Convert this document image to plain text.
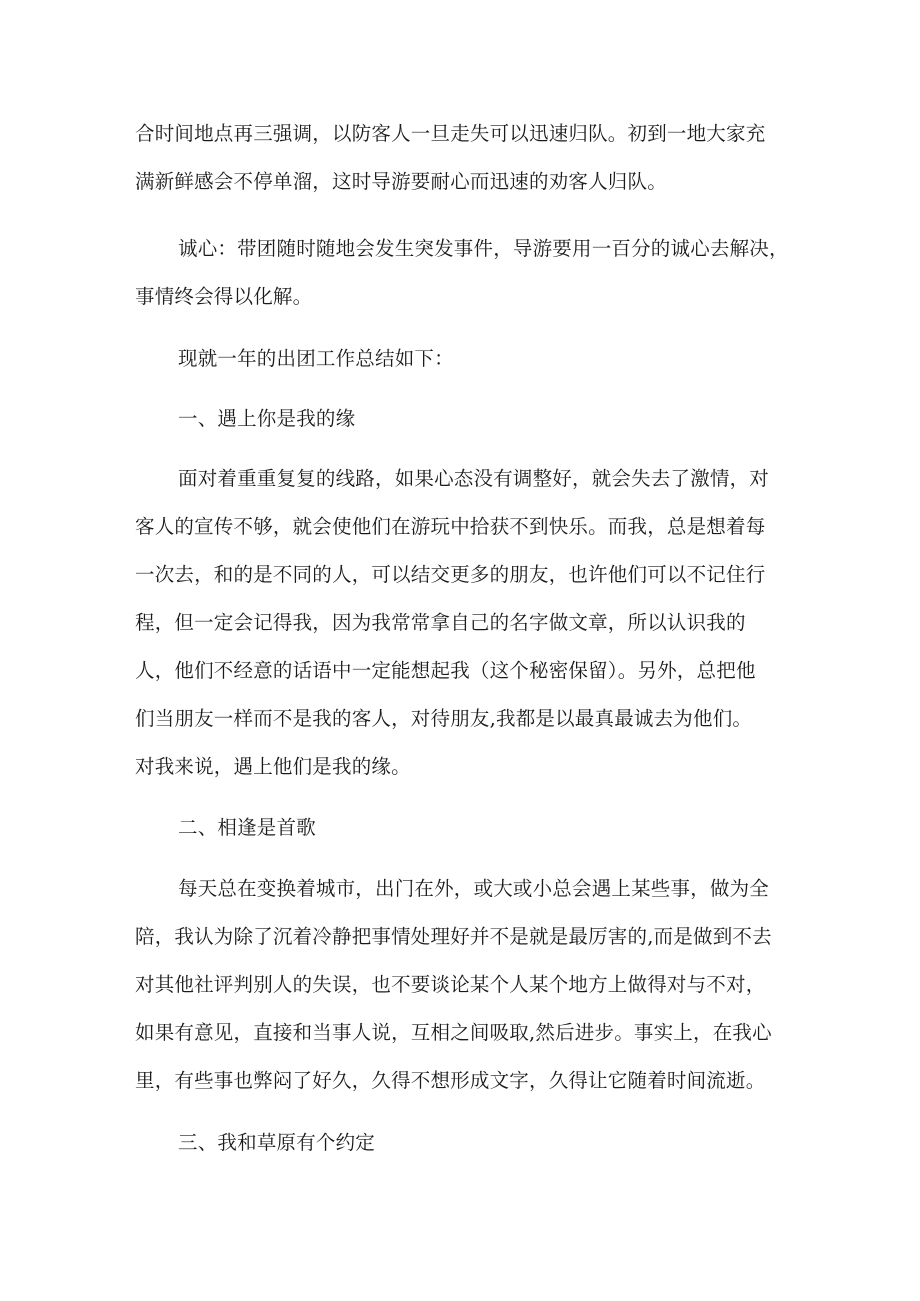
合时间地点再三强调，以防客人一旦走失可以迅速归队。初到一地大家充
满新鲜感会不停单溜，这时导游要耐心而迅速的劝客人归队。
诚心：带团随时随地会发生突发事件，导游要用一百分的诚心去解决，
事情终会得以化解。
现就一年的出团工作总结如下：
一、遇上你是我的缘
面对着重重复复的线路，如果心态没有调整好，就会失去了激情，对
客人的宣传不够，就会使他们在游玩中拾获不到快乐。而我，总是想着每
一次去，和的是不同的人，可以结交更多的朋友，也许他们可以不记住行
程，但一定会记得我，因为我常常拿自己的名字做文章，所以认识我的
人，他们不经意的话语中一定能想起我（这个秘密保留）。另外，总把他
们当朋友一样而不是我的客人，对待朋友,我都是以最真最诚去为他们。
对我来说，遇上他们是我的缘。
二、相逢是首歌
每天总在变换着城市，出门在外，或大或小总会遇上某些事，做为全
陪，我认为除了沉着冷静把事情处理好并不是就是最厉害的,而是做到不去
对其他社评判别人的失误，也不要谈论某个人某个地方上做得对与不对，
如果有意见，直接和当事人说，互相之间吸取,然后进步。事实上，在我心
里，有些事也弊闷了好久，久得不想形成文字，久得让它随着时间流逝。
三、我和草原有个约定
